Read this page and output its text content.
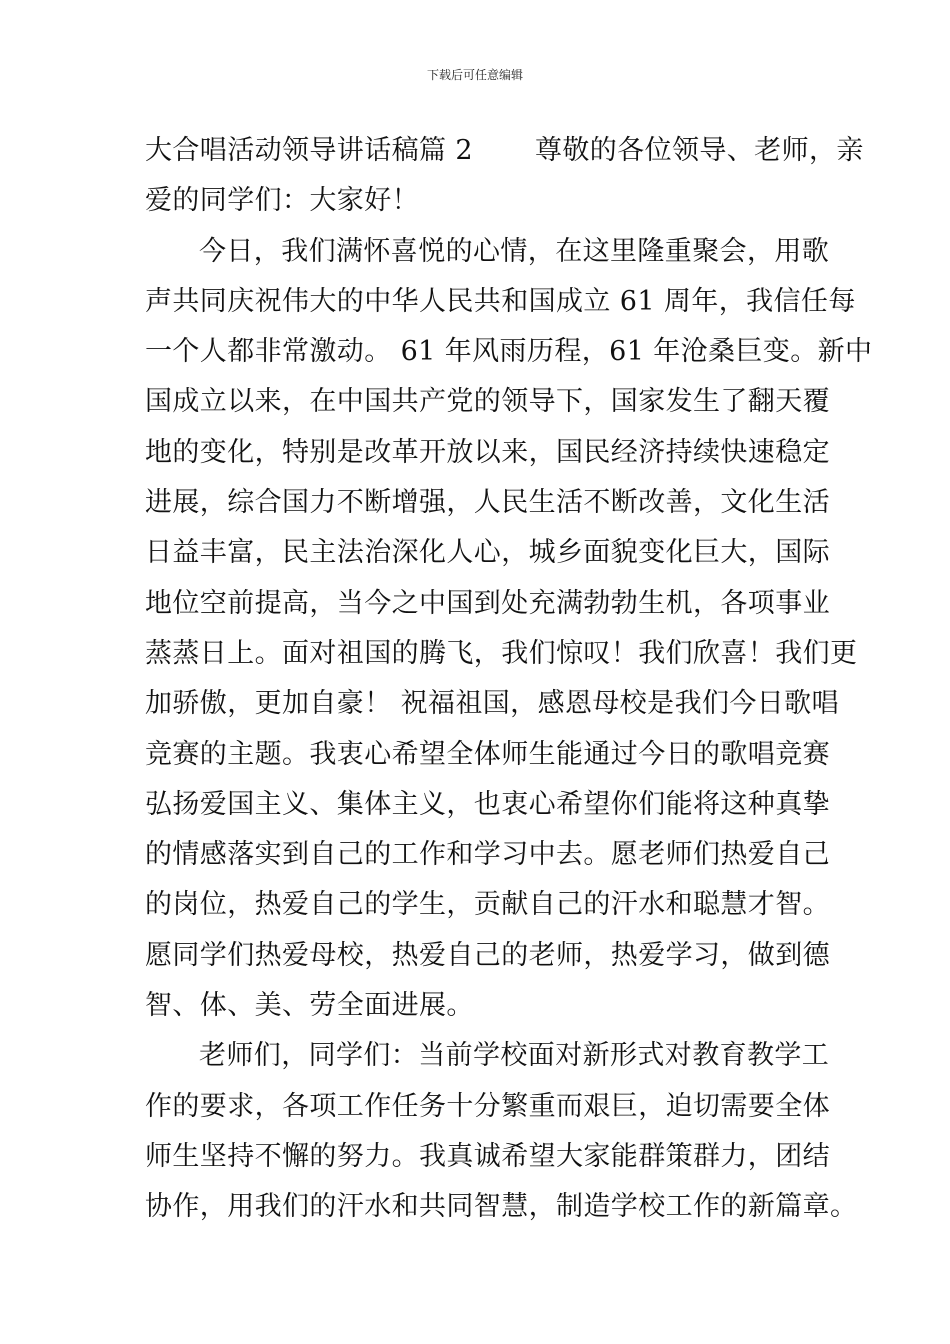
下载后可任意编辑
大合唱活动领导讲话稿篇 2 尊敬的各位领导、老师，亲
爱的同学们：大家好！
今日，我们满怀喜悦的心情，在这里隆重聚会，用歌
声共同庆祝伟大的中华人民共和国成立 61 周年，我信任每
一个人都非常激动。 61 年风雨历程，61 年沧桑巨变。新中
国成立以来，在中国共产党的领导下，国家发生了翻天覆
地的变化，特别是改革开放以来，国民经济持续快速稳定
进展，综合国力不断增强，人民生活不断改善，文化生活
日益丰富，民主法治深化人心，城乡面貌变化巨大，国际
地位空前提高，当今之中国到处充满勃勃生机，各项事业
蒸蒸日上。面对祖国的腾飞，我们惊叹！我们欣喜！我们更
加骄傲，更加自豪！ 祝福祖国，感恩母校是我们今日歌唱
竞赛的主题。我衷心希望全体师生能通过今日的歌唱竞赛
弘扬爱国主义、集体主义，也衷心希望你们能将这种真挚
的情感落实到自己的工作和学习中去。愿老师们热爱自己
的岗位，热爱自己的学生，贡献自己的汗水和聪慧才智。
愿同学们热爱母校，热爱自己的老师，热爱学习，做到德
智、体、美、劳全面进展。
老师们，同学们：当前学校面对新形式对教育教学工
作的要求，各项工作任务十分繁重而艰巨，迫切需要全体
师生坚持不懈的努力。我真诚希望大家能群策群力，团结
协作，用我们的汗水和共同智慧，制造学校工作的新篇章。
